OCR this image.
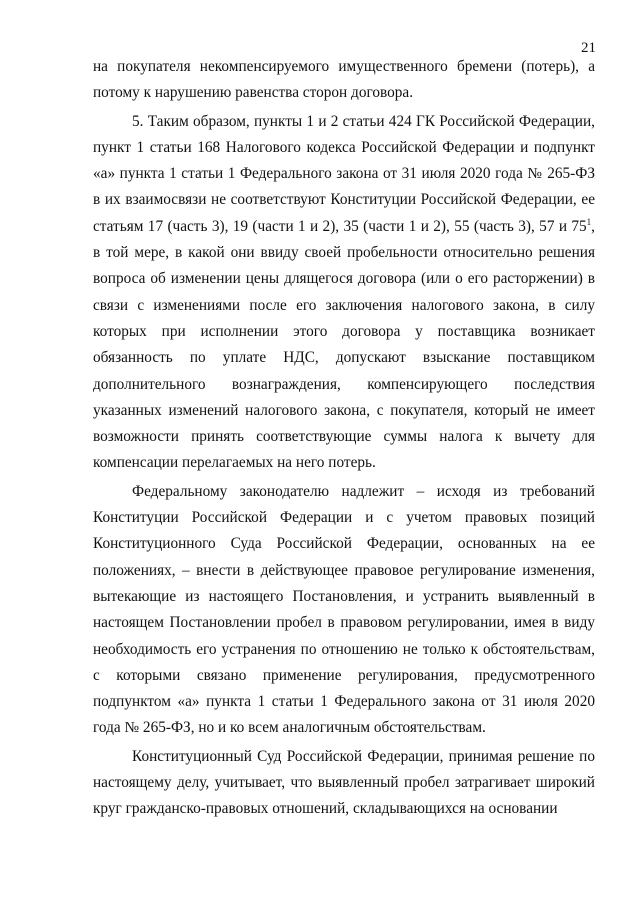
21

на покупателя некомпенсируемого имущественного бремени (потерь), а потому к нарушению равенства сторон договора.

5. Таким образом, пункты 1 и 2 статьи 424 ГК Российской Федерации, пункт 1 статьи 168 Налогового кодекса Российской Федерации и подпункт «а» пункта 1 статьи 1 Федерального закона от 31 июля 2020 года № 265-ФЗ в их взаимосвязи не соответствуют Конституции Российской Федерации, ее статьям 17 (часть 3), 19 (части 1 и 2), 35 (части 1 и 2), 55 (часть 3), 57 и $75^1$, в той мере, в какой они ввиду своей пробельности относительно решения вопроса об изменении цены длящегося договора (или о его расторжении) в связи с изменениями после его заключения налогового закона, в силу которых при исполнении этого договора у поставщика возникает обязанность по уплате НДС, допускают взыскание поставщиком дополнительного вознаграждения, компенсирующего последствия указанных изменений налогового закона, с покупателя, который не имеет возможности принять соответствующие суммы налога к вычету для компенсации перелагаемых на него потерь.

Федеральному законодателю надлежит – исходя из требований Конституции Российской Федерации и с учетом правовых позиций Конституционного Суда Российской Федерации, основанных на ее положениях, – внести в действующее правовое регулирование изменения, вытекающие из настоящего Постановления, и устранить выявленный в настоящем Постановлении пробел в правовом регулировании, имея в виду необходимость его устранения по отношению не только к обстоятельствам, с которыми связано применение регулирования, предусмотренного подпунктом «а» пункта 1 статьи 1 Федерального закона от 31 июля 2020 года № 265-ФЗ, но и ко всем аналогичным обстоятельствам.

Конституционный Суд Российской Федерации, принимая решение по настоящему делу, учитывает, что выявленный пробел затрагивает широкий круг гражданско-правовых отношений, складывающихся на основании
